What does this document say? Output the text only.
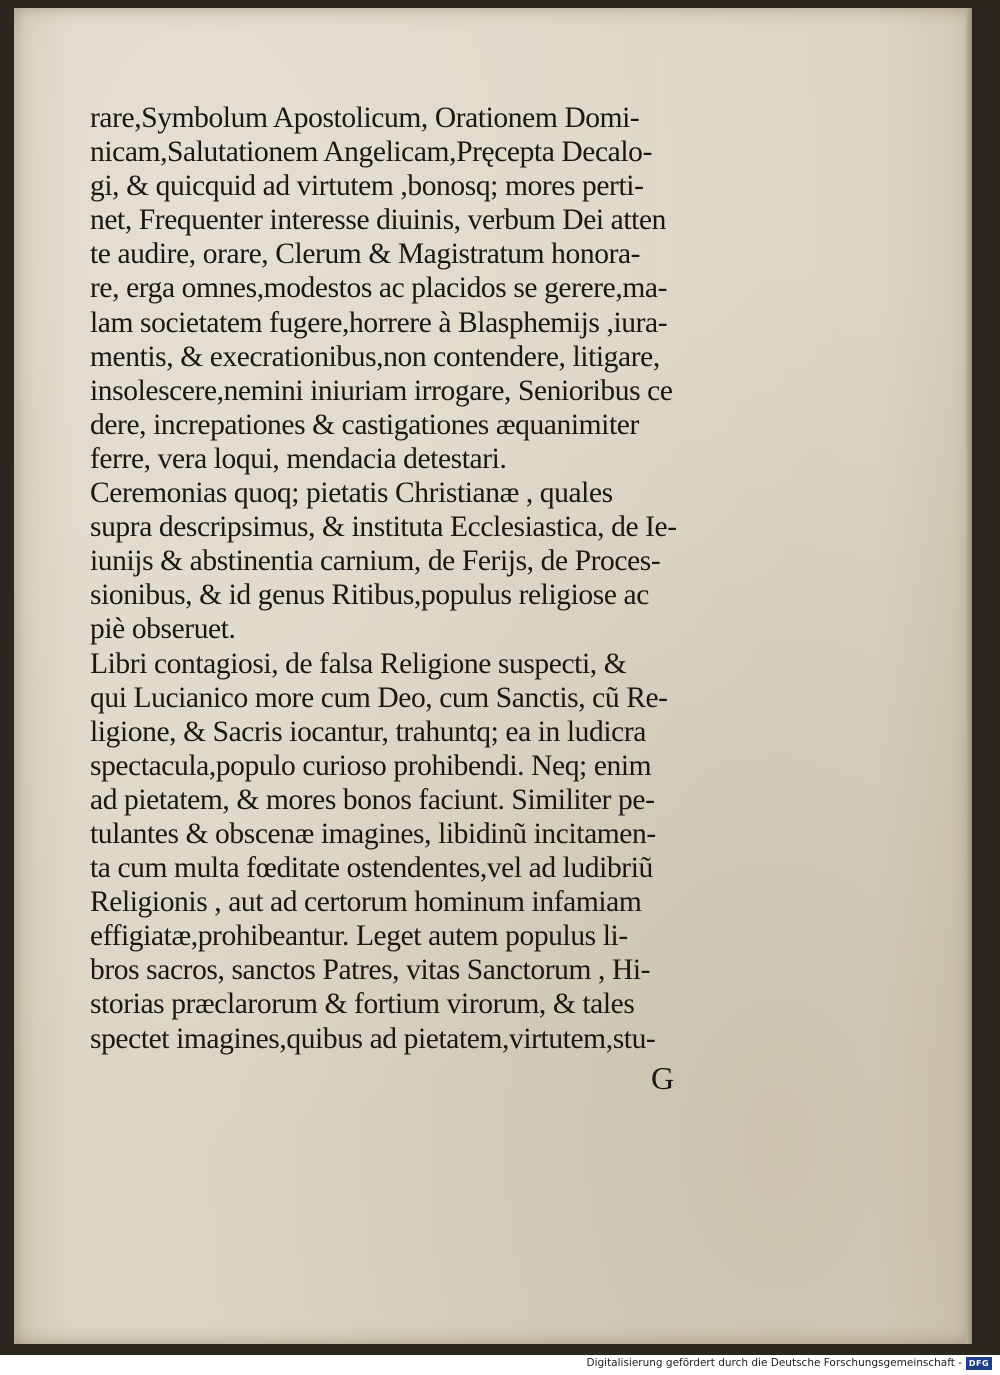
rare,Symbolum Apostolicum, Orationem Domi-
nicam,Salutationem Angelicam,Pręcepta Decalo-
gi, & quicquid ad virtutem ,bonosq; mores perti-
net, Frequenter interesse diuinis, verbum Dei atten
te audire, orare, Clerum & Magistratum honora-
re, erga omnes,modestos ac placidos se gerere,ma-
lam societatem fugere,horrere à Blasphemijs ,iura-
mentis, & execrationibus,non contendere, litigare,
insolescere,nemini iniuriam irrogare, Senioribus ce
dere, increpationes & castigationes æquanimiter
ferre, vera loqui, mendacia detestari.
Ceremonias quoq; pietatis Christianæ , quales
supra descripsimus, & instituta Ecclesiastica, de Ie-
iunijs & abstinentia carnium, de Ferijs, de Proces-
sionibus, & id genus Ritibus,populus religiose ac
piè obseruet.
Libri contagiosi, de falsa Religione suspecti, &
qui Lucianico more cum Deo, cum Sanctis, cũ Re-
ligione, & Sacris iocantur, trahuntq; ea in ludicra
spectacula,populo curioso prohibendi. Neq; enim
ad pietatem, & mores bonos faciunt. Similiter pe-
tulantes & obscenæ imagines, libidinũ incitamen-
ta cum multa fœditate ostendentes,vel ad ludibriũ
Religionis , aut ad certorum hominum infamiam
effigiatæ,prohibeantur. Leget autem populus li-
bros sacros, sanctos Patres, vitas Sanctorum , Hi-
storias præclarorum & fortium virorum, & tales
spectet imagines,quibus ad pietatem,virtutem,stu-
G
Digitalisierung gefördert durch die Deutsche Forschungsgemeinschaft - DFG
